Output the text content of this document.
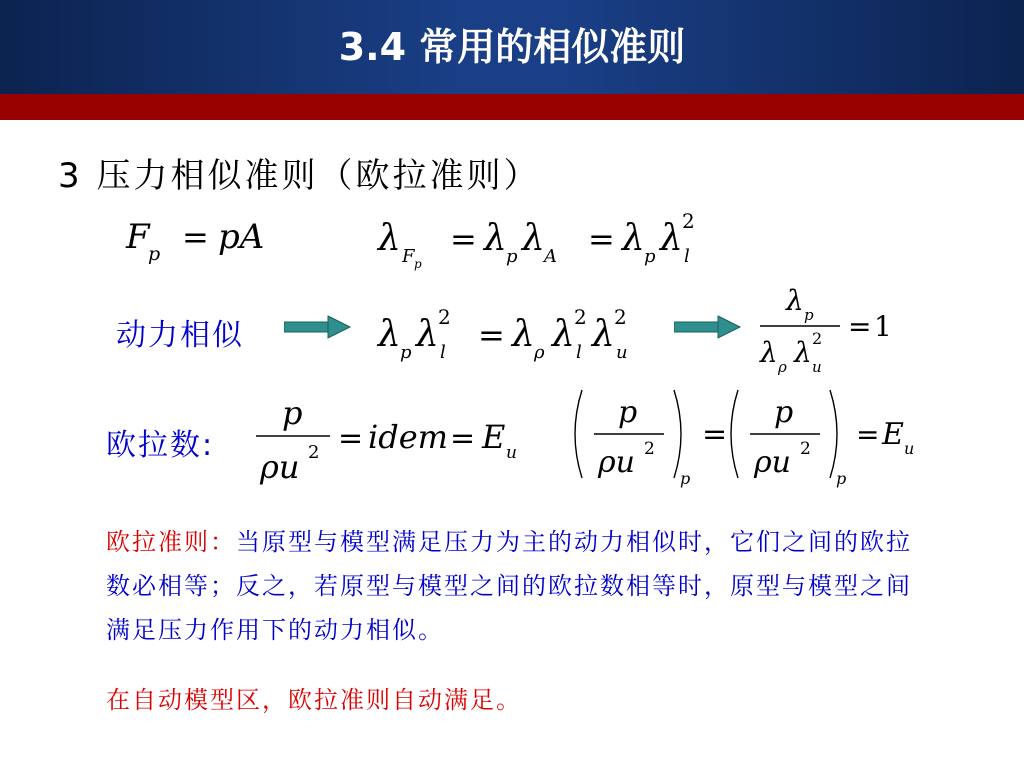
3.4 常用的相似准则
3 压力相似准则（欧拉准则）
F
p = pA	λ F p
= λ p λ A = λ p λ l
2
动力相似	λ p λ l
2 = λ ρ λ l
2 λ u
2	λ p
λ ρ λ u
2 = 1
欧拉数:
p
ρu 2 = idem = E u
p
ρu 2
p
=
p
ρu 2
p
= E u
欧拉准则：当原型与模型满足压力为主的动力相似时，它们之间的欧拉数必相等；反之，若原型与模型之间的欧拉数相等时，原型与模型之间满足压力作用下的动力相似。
在自动模型区，欧拉准则自动满足。
